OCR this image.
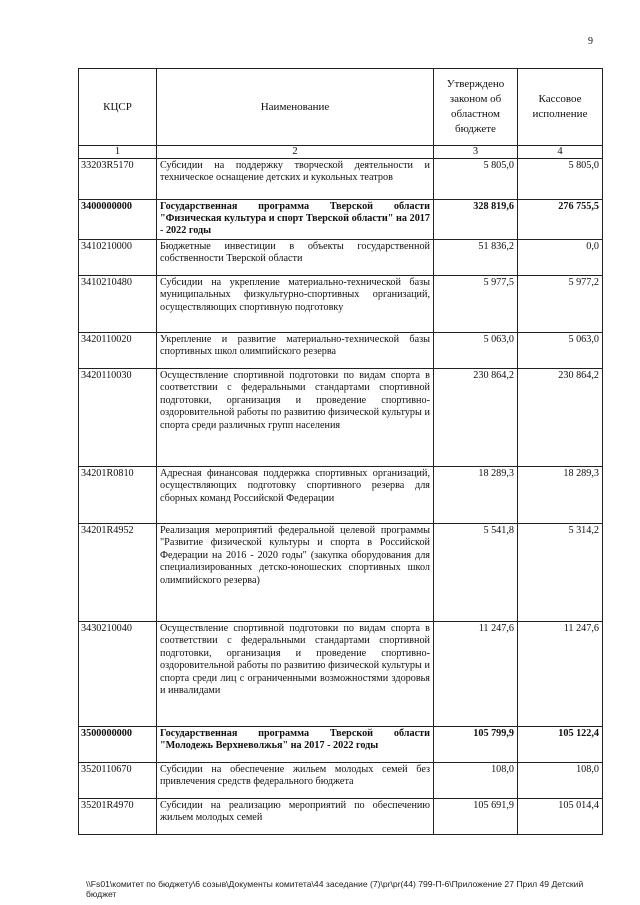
9
КЦСР	Наименование	Утверждено законом об областном бюджете	Кассовое исполнение
1	2	3	4
33203R5170	Субсидии на поддержку творческой деятельности и техническое оснащение детских и кукольных театров	5 805,0	5 805,0
3400000000	Государственная программа Тверской области "Физическая культура и спорт Тверской области" на 2017 - 2022 годы	328 819,6	276 755,5
3410210000	Бюджетные инвестиции в объекты государственной собственности Тверской области	51 836,2	0,0
3410210480	Субсидии на укрепление материально-технической базы муниципальных физкультурно-спортивных организаций, осуществляющих спортивную подготовку	5 977,5	5 977,2
3420110020	Укрепление и развитие материально-технической базы спортивных школ олимпийского резерва	5 063,0	5 063,0
3420110030	Осуществление спортивной подготовки по видам спорта в соответствии с федеральными стандартами спортивной подготовки, организация и проведение спортивно-оздоровительной работы по развитию физической культуры и спорта среди различных групп населения	230 864,2	230 864,2
34201R0810	Адресная финансовая поддержка спортивных организаций, осуществляющих подготовку спортивного резерва для сборных команд Российской Федерации	18 289,3	18 289,3
34201R4952	Реализация мероприятий федеральной целевой программы "Развитие физической культуры и спорта в Российской Федерации на 2016 - 2020 годы" (закупка оборудования для специализированных детско-юношеских спортивных школ олимпийского резерва)	5 541,8	5 314,2
3430210040	Осуществление спортивной подготовки по видам спорта в соответствии с федеральными стандартами спортивной подготовки, организация и проведение спортивно-оздоровительной работы по развитию физической культуры и спорта среди лиц с ограниченными возможностями здоровья и инвалидами	11 247,6	11 247,6
3500000000	Государственная программа Тверской области "Молодежь Верхневолжья" на 2017 - 2022 годы	105 799,9	105 122,4
3520110670	Субсидии на обеспечение жильем молодых семей без привлечения средств федерального бюджета	108,0	108,0
35201R4970	Субсидии на реализацию мероприятий по обеспечению жильем молодых семей	105 691,9	105 014,4
\\Fs01\комитет по бюджету\6 созыв\Документы комитета\44 заседание (7)\pr\pr(44) 799-П-6\Приложение 27 Прил 49 Детский бюджет
